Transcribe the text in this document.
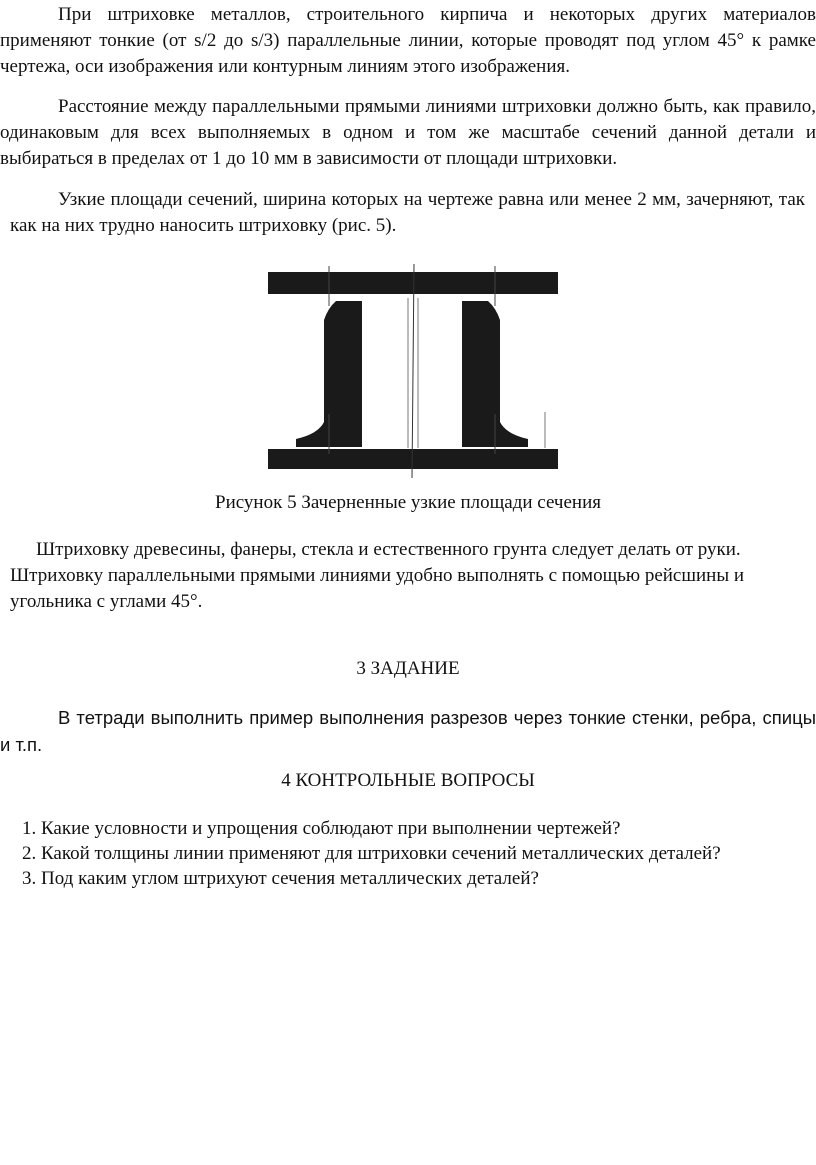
При штриховке металлов, строительного кирпича и некоторых других материалов применяют тонкие (от s/2 до s/3) параллельные линии, которые проводят под углом 45° к рамке чертежа, оси изображения или контурным линиям этого изображения.

Расстояние между параллельными прямыми линиями штриховки должно быть, как правило, одинаковым для всех выполняемых в одном и том же масштабе сечений данной детали и выбираться в пределах от 1 до 10 мм в зависимости от площади штриховки.

Узкие площади сечений, ширина которых на чертеже равна или менее 2 мм, зачерняют, так как на них трудно наносить штриховку (рис. 5).

Рисунок 5 Зачерненные узкие площади сечения

Штриховку древесины, фанеры, стекла и естественного грунта следует делать от руки. Штриховку параллельными прямыми линиями удобно выполнять с помощью рейсшины и угольника с углами 45°.

3 ЗАДАНИЕ

В тетради выполнить пример выполнения разрезов через тонкие стенки, ребра, спицы и т.п.

4 КОНТРОЛЬНЫЕ ВОПРОСЫ
1. Какие условности и упрощения соблюдают при выполнении чертежей?
2. Какой толщины линии применяют для штриховки сечений металлических деталей?
3. Под каким углом штрихуют сечения металлических деталей?
